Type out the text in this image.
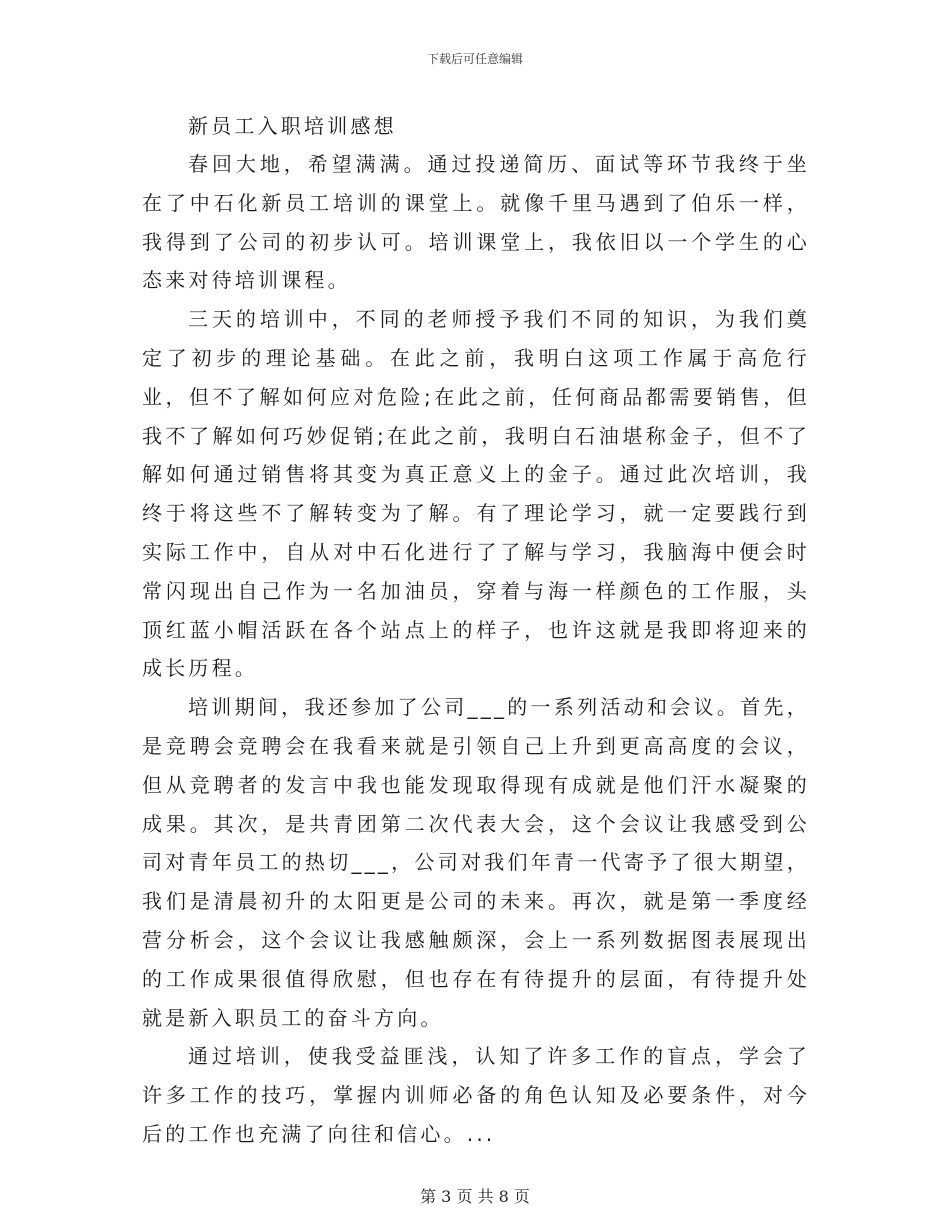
下载后可任意编辑
新员工入职培训感想

春回大地，希望满满。通过投递简历、面试等环节我终于坐在了中石化新员工培训的课堂上。就像千里马遇到了伯乐一样，我得到了公司的初步认可。培训课堂上，我依旧以一个学生的心态来对待培训课程。

三天的培训中，不同的老师授予我们不同的知识，为我们奠定了初步的理论基础。在此之前，我明白这项工作属于高危行业，但不了解如何应对危险;在此之前，任何商品都需要销售，但我不了解如何巧妙促销;在此之前，我明白石油堪称金子，但不了解如何通过销售将其变为真正意义上的金子。通过此次培训，我终于将这些不了解转变为了解。有了理论学习，就一定要践行到实际工作中，自从对中石化进行了了解与学习，我脑海中便会时常闪现出自己作为一名加油员，穿着与海一样颜色的工作服，头顶红蓝小帽活跃在各个站点上的样子，也许这就是我即将迎来的成长历程。

培训期间，我还参加了公司___的一系列活动和会议。首先，是竞聘会竞聘会在我看来就是引领自己上升到更高高度的会议，但从竞聘者的发言中我也能发现取得现有成就是他们汗水凝聚的成果。其次，是共青团第二次代表大会，这个会议让我感受到公司对青年员工的热切___，公司对我们年青一代寄予了很大期望，我们是清晨初升的太阳更是公司的未来。再次，就是第一季度经营分析会，这个会议让我感触颇深，会上一系列数据图表展现出的工作成果很值得欣慰，但也存在有待提升的层面，有待提升处就是新入职员工的奋斗方向。

通过培训，使我受益匪浅，认知了许多工作的盲点，学会了许多工作的技巧，掌握内训师必备的角色认知及必要条件，对今后的工作也充满了向往和信心。...

第 3 页 共 8 页
